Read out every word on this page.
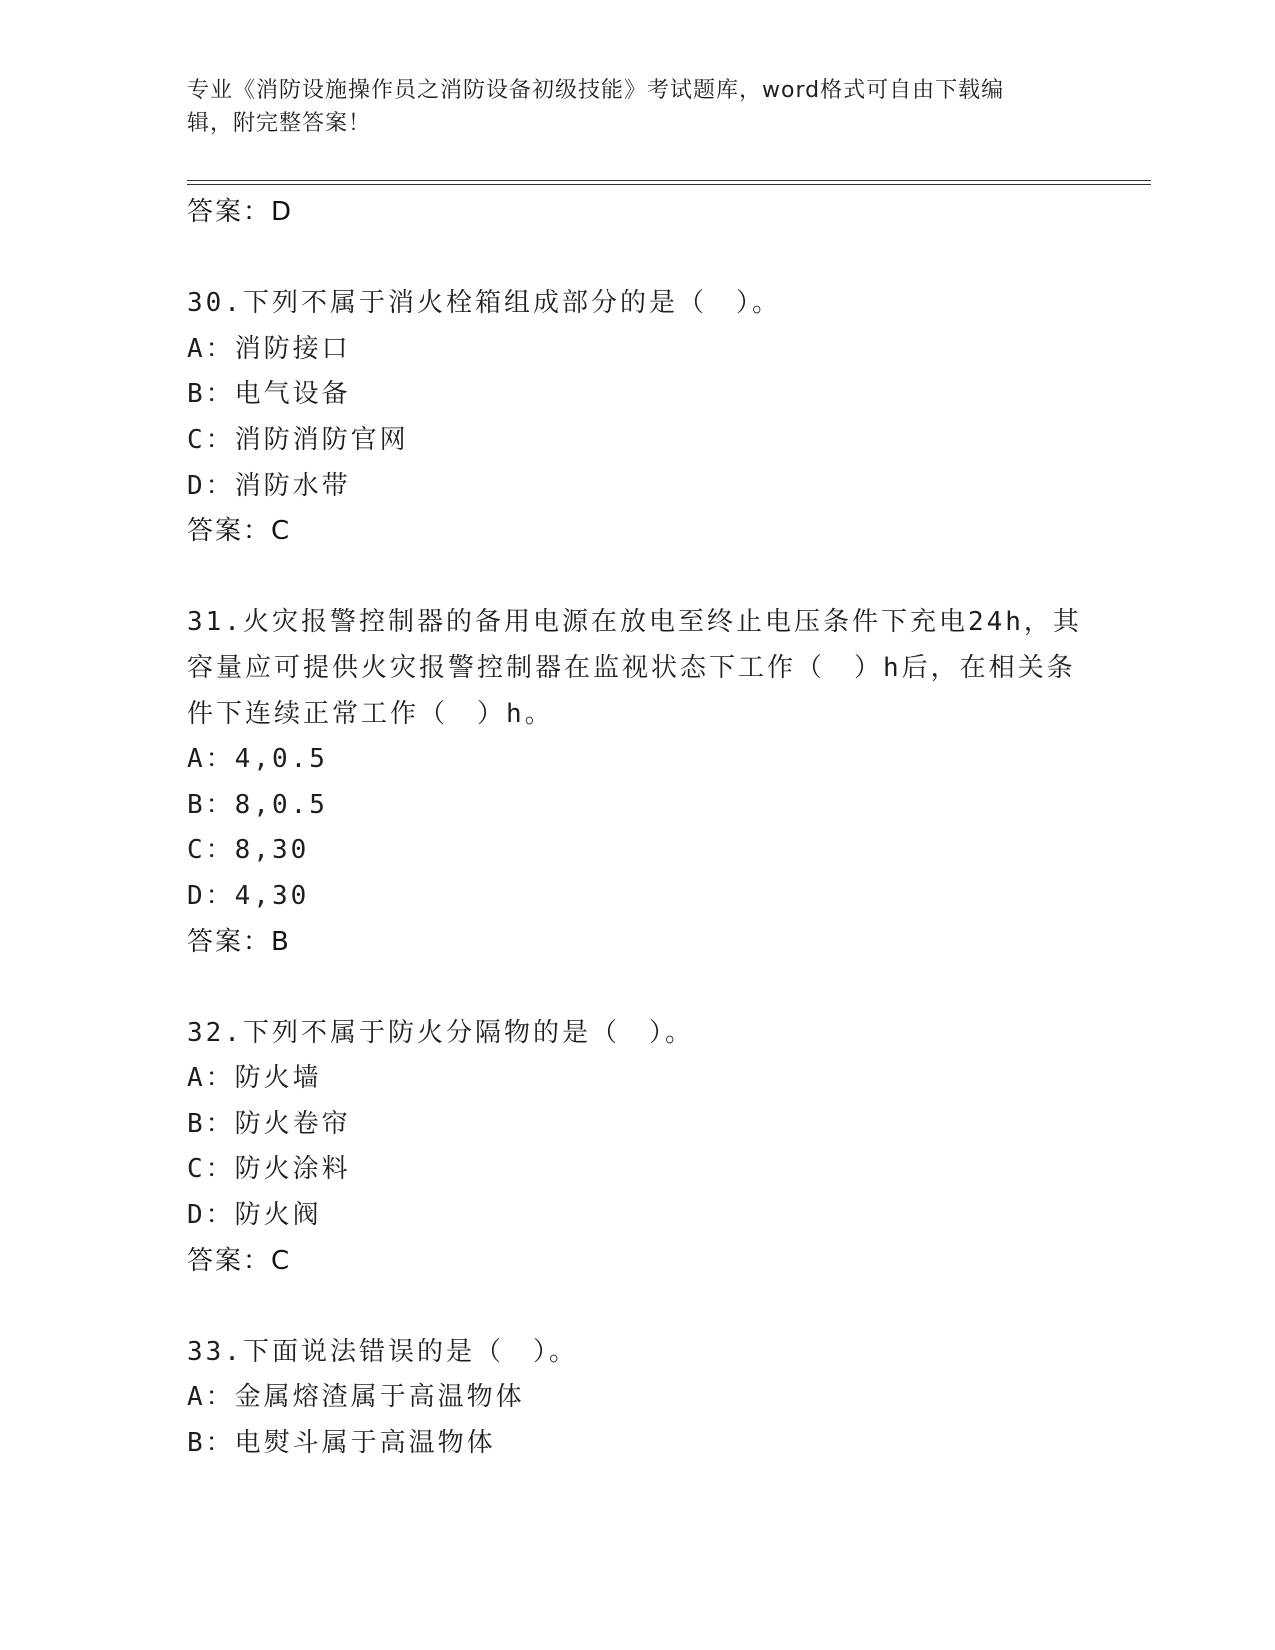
专业《消防设施操作员之消防设备初级技能》考试题库，word格式可自由下载编
辑，附完整答案！

答案：D

30.下列不属于消火栓箱组成部分的是（　）。

A：消防接口

B：电气设备

C：消防消防官网

D：消防水带

答案：C

31.火灾报警控制器的备用电源在放电至终止电压条件下充电24h，其

容量应可提供火灾报警控制器在监视状态下工作（　）h后，在相关条

件下连续正常工作（　）h。

A：4,0.5

B：8,0.5

C：8,30

D：4,30

答案：B

32.下列不属于防火分隔物的是（　）。

A：防火墙

B：防火卷帘

C：防火涂料

D：防火阀

答案：C

33.下面说法错误的是（　）。

A：金属熔渣属于高温物体

B：电熨斗属于高温物体
